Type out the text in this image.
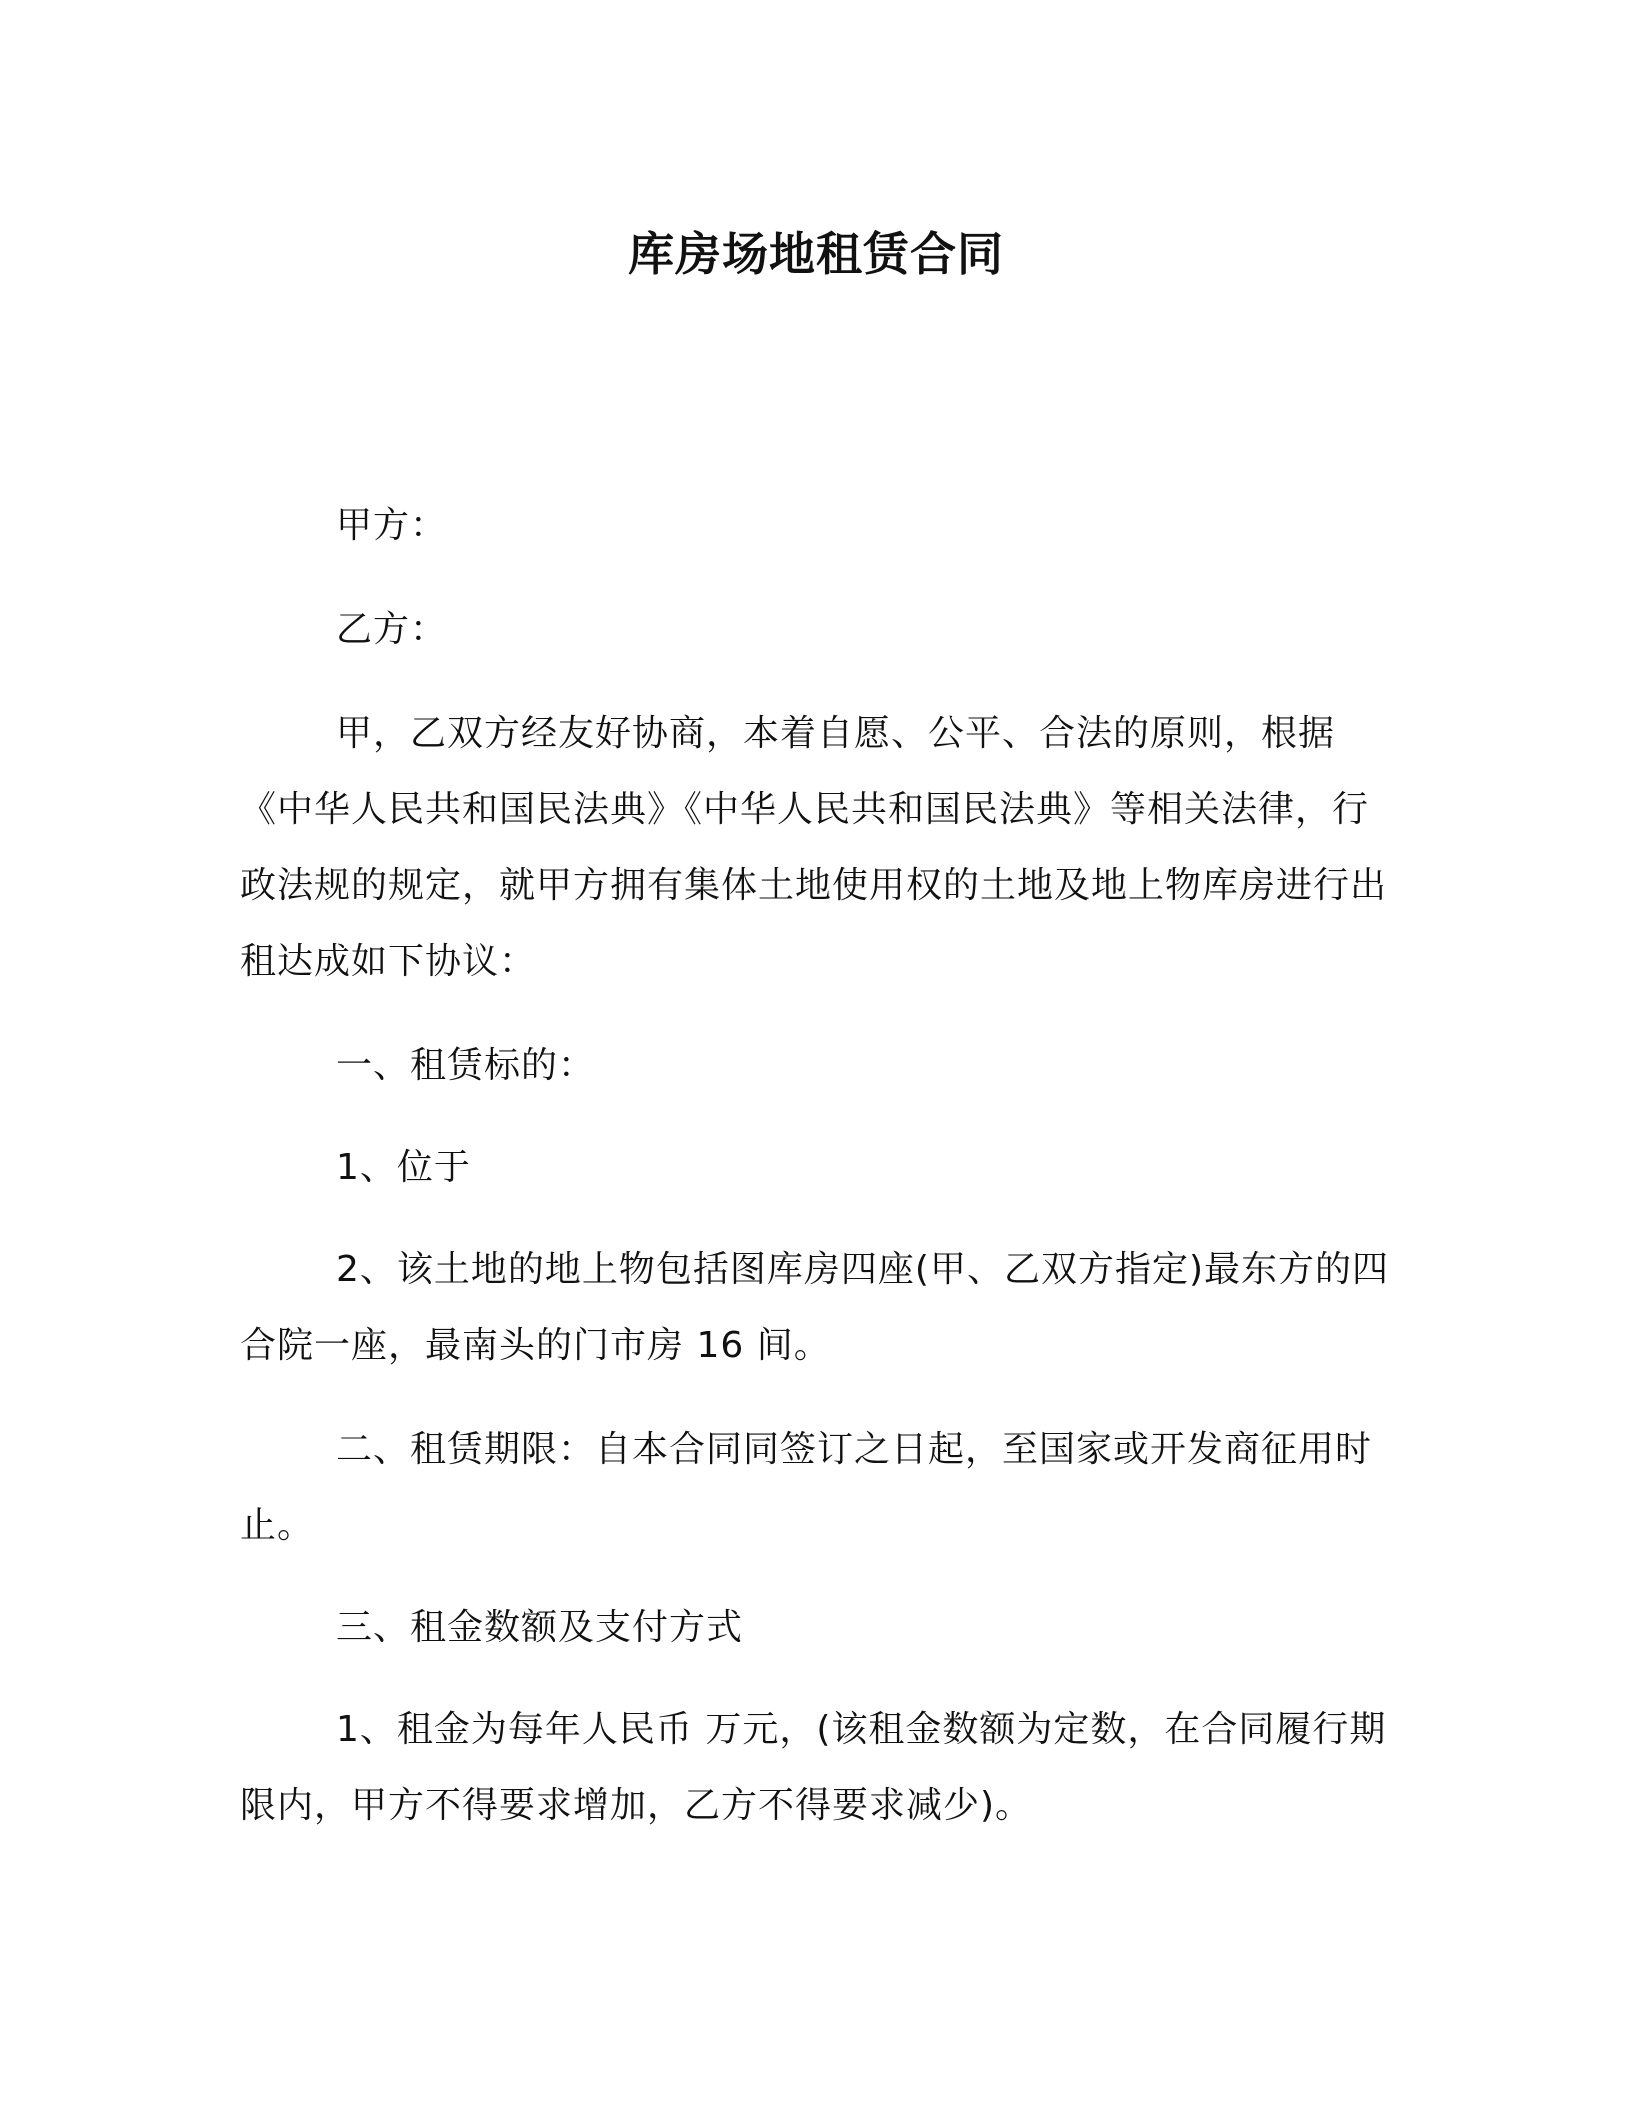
库房场地租赁合同

甲方：

乙方：

甲，乙双方经友好协商，本着自愿、公平、合法的原则，根据《中华人民共和国民法典》《中华人民共和国民法典》等相关法律，行政法规的规定，就甲方拥有集体土地使用权的土地及地上物库房进行出租达成如下协议：

一、租赁标的：

1、位于

2、该土地的地上物包括图库房四座(甲、乙双方指定)最东方的四合院一座，最南头的门市房 16 间。

二、租赁期限：自本合同同签订之日起，至国家或开发商征用时止。

三、租金数额及支付方式

1、租金为每年人民币 万元，(该租金数额为定数，在合同履行期限内，甲方不得要求增加，乙方不得要求减少)。
